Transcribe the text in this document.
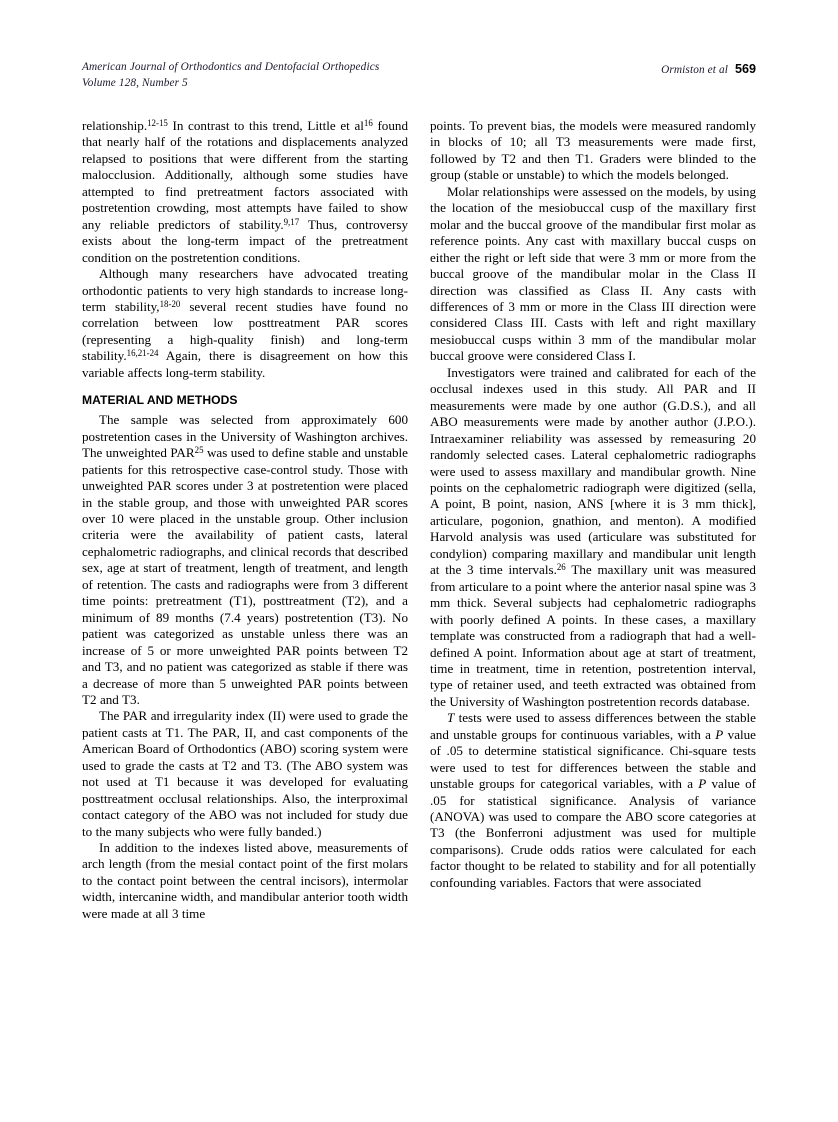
American Journal of Orthodontics and Dentofacial Orthopedics
Volume 128, Number 5
Ormiston et al 569

relationship.$^{12-15}$ In contrast to this trend, Little et $al^{16}$ found that nearly half of the rotations and displacements analyzed relapsed to positions that were different from the starting malocclusion. Additionally, although some studies have attempted to find pretreatment factors associated with postretention crowding, most attempts have failed to show any reliable predictors of stability.$^{9,17}$ Thus, controversy exists about the long-term impact of the pretreatment condition on the postretention conditions.

Although many researchers have advocated treating orthodontic patients to very high standards to increase long-term stability,$^{18-20}$ several recent studies have found no correlation between low posttreatment PAR scores (representing a high-quality finish) and long-term stability.$^{16,21-24}$ Again, there is disagreement on how this variable affects long-term stability.

MATERIAL AND METHODS

The sample was selected from approximately 600 postretention cases in the University of Washington archives. The unweighted PAR$^{25}$ was used to define stable and unstable patients for this retrospective case-control study. Those with unweighted PAR scores under 3 at postretention were placed in the stable group, and those with unweighted PAR scores over 10 were placed in the unstable group. Other inclusion criteria were the availability of patient casts, lateral cephalometric radiographs, and clinical records that described sex, age at start of treatment, length of treatment, and length of retention. The casts and radiographs were from 3 different time points: pretreatment (T1), posttreatment (T2), and a minimum of 89 months (7.4 years) postretention (T3). No patient was categorized as unstable unless there was an increase of 5 or more unweighted PAR points between T2 and T3, and no patient was categorized as stable if there was a decrease of more than 5 unweighted PAR points between T2 and T3.

The PAR and irregularity index (II) were used to grade the patient casts at T1. The PAR, II, and cast components of the American Board of Orthodontics (ABO) scoring system were used to grade the casts at T2 and T3. (The ABO system was not used at T1 because it was developed for evaluating posttreatment occlusal relationships. Also, the interproximal contact category of the ABO was not included for study due to the many subjects who were fully banded.)

In addition to the indexes listed above, measurements of arch length (from the mesial contact point of the first molars to the contact point between the central incisors), intermolar width, intercanine width, and mandibular anterior tooth width were made at all 3 time

points. To prevent bias, the models were measured randomly in blocks of 10; all T3 measurements were made first, followed by T2 and then T1. Graders were blinded to the group (stable or unstable) to which the models belonged.

Molar relationships were assessed on the models, by using the location of the mesiobuccal cusp of the maxillary first molar and the buccal groove of the mandibular first molar as reference points. Any cast with maxillary buccal cusps on either the right or left side that were 3 mm or more from the buccal groove of the mandibular molar in the Class II direction was classified as Class II. Any casts with differences of 3 mm or more in the Class III direction were considered Class III. Casts with left and right maxillary mesiobuccal cusps within 3 mm of the mandibular molar buccal groove were considered Class I.

Investigators were trained and calibrated for each of the occlusal indexes used in this study. All PAR and II measurements were made by one author (G.D.S.), and all ABO measurements were made by another author (J.P.O.). Intraexaminer reliability was assessed by remeasuring 20 randomly selected cases. Lateral cephalometric radiographs were used to assess maxillary and mandibular growth. Nine points on the cephalometric radiograph were digitized (sella, A point, B point, nasion, ANS [where it is 3 mm thick], articulare, pogonion, gnathion, and menton). A modified Harvold analysis was used (articulare was substituted for condylion) comparing maxillary and mandibular unit length at the 3 time intervals.$^{26}$ The maxillary unit was measured from articulare to a point where the anterior nasal spine was 3 mm thick. Several subjects had cephalometric radiographs with poorly defined A points. In these cases, a maxillary template was constructed from a radiograph that had a well-defined A point. Information about age at start of treatment, time in treatment, time in retention, postretention interval, type of retainer used, and teeth extracted was obtained from the University of Washington postretention records database.

T tests were used to assess differences between the stable and unstable groups for continuous variables, with a P value of .05 to determine statistical significance. Chi-square tests were used to test for differences between the stable and unstable groups for categorical variables, with a P value of .05 for statistical significance. Analysis of variance (ANOVA) was used to compare the ABO score categories at T3 (the Bonferroni adjustment was used for multiple comparisons). Crude odds ratios were calculated for each factor thought to be related to stability and for all potentially confounding variables. Factors that were associated
